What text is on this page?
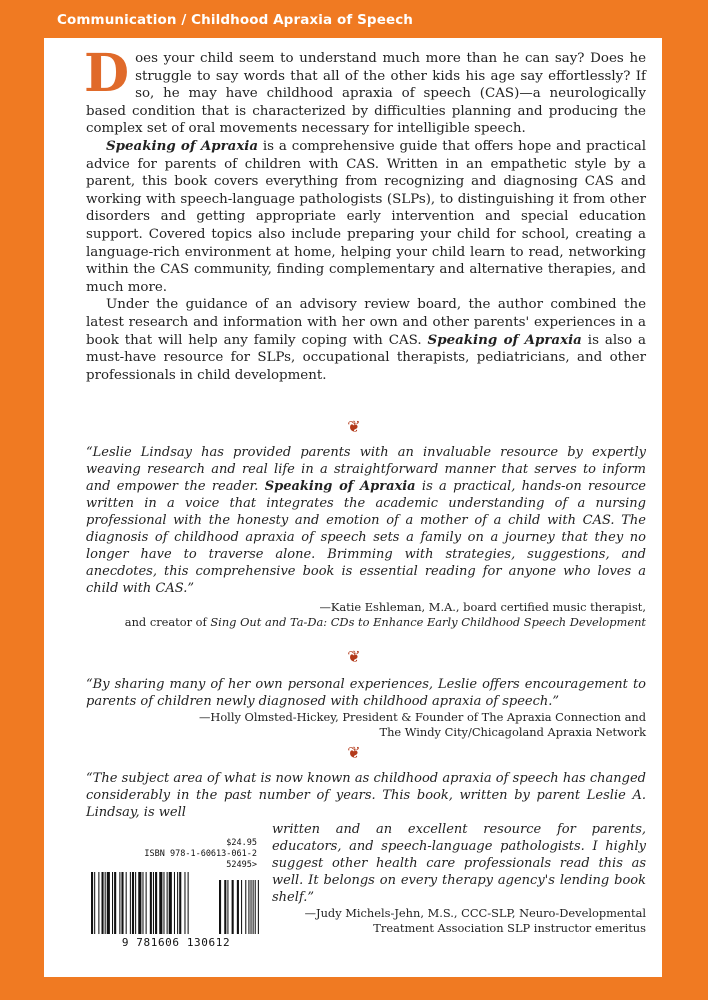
Communication / Childhood Apraxia of Speech

Does your child seem to understand much more than he can say? Does he struggle to say words that all of the other kids his age say effortlessly? If so, he may have childhood apraxia of speech (CAS)—a neurologically based condition that is characterized by difficulties planning and producing the complex set of oral movements necessary for intelligible speech.

Speaking of Apraxia is a comprehensive guide that offers hope and practical advice for parents of children with CAS. Written in an empathetic style by a parent, this book covers everything from recognizing and diagnosing CAS and working with speech-language pathologists (SLPs), to distinguishing it from other disorders and getting appropriate early intervention and special education support. Covered topics also include preparing your child for school, creating a language-rich environment at home, helping your child learn to read, networking within the CAS community, finding complementary and alternative therapies, and much more.

Under the guidance of an advisory review board, the author combined the latest research and information with her own and other parents' experiences in a book that will help any family coping with CAS. Speaking of Apraxia is also a must-have resource for SLPs, occupational therapists, pediatricians, and other professionals in child development.

❦

“Leslie Lindsay has provided parents with an invaluable resource by expertly weaving research and real life in a straightforward manner that serves to inform and empower the reader. Speaking of Apraxia is a practical, hands-on resource written in a voice that integrates the academic understanding of a nursing professional with the honesty and emotion of a mother of a child with CAS. The diagnosis of childhood apraxia of speech sets a family on a journey that they no longer have to traverse alone. Brimming with strategies, suggestions, and anecdotes, this comprehensive book is essential reading for anyone who loves a child with CAS.”

—Katie Eshleman, M.A., board certified music therapist,

and creator of Sing Out and Ta-Da: CDs to Enhance Early Childhood Speech Development

❦

“By sharing many of her own personal experiences, Leslie offers encouragement to parents of children newly diagnosed with childhood apraxia of speech.”

—Holly Olmsted-Hickey, President & Founder of The Apraxia Connection and

The Windy City/Chicagoland Apraxia Network

❦

“The subject area of what is now known as childhood apraxia of speech has changed considerably in the past number of years. This book, written by parent Leslie A. Lindsay, is well

written and an excellent resource for parents, educators, and speech-language pathologists. I highly suggest other health care professionals read this as well. It belongs on every therapy agency's lending book shelf.”

—Judy Michels-Jehn, M.S., CCC-SLP, Neuro-Developmental

Treatment Association SLP instructor emeritus

$24.95
ISBN 978-1-60613-061-2
52495>
9 781606 130612
